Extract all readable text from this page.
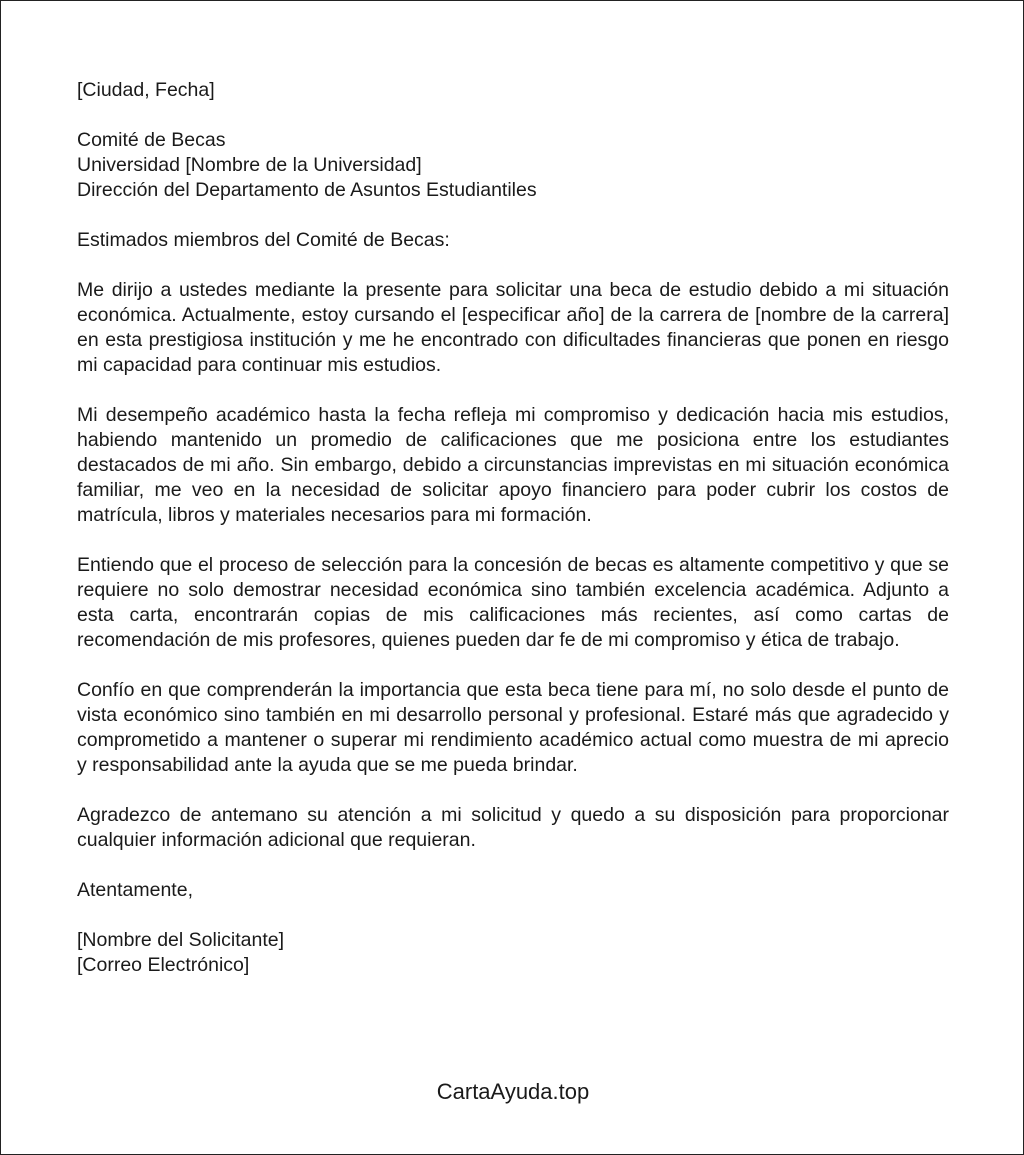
[Ciudad, Fecha]
Comité de Becas
Universidad [Nombre de la Universidad]
Dirección del Departamento de Asuntos Estudiantiles
Estimados miembros del Comité de Becas:

Me dirijo a ustedes mediante la presente para solicitar una beca de estudio debido a mi situación económica. Actualmente, estoy cursando el [especificar año] de la carrera de [nombre de la carrera] en esta prestigiosa institución y me he encontrado con dificultades financieras que ponen en riesgo mi capacidad para continuar mis estudios.

Mi desempeño académico hasta la fecha refleja mi compromiso y dedicación hacia mis estudios, habiendo mantenido un promedio de calificaciones que me posiciona entre los estudiantes destacados de mi año. Sin embargo, debido a circunstancias imprevistas en mi situación económica familiar, me veo en la necesidad de solicitar apoyo financiero para poder cubrir los costos de matrícula, libros y materiales necesarios para mi formación.

Entiendo que el proceso de selección para la concesión de becas es altamente competitivo y que se requiere no solo demostrar necesidad económica sino también excelencia académica. Adjunto a esta carta, encontrarán copias de mis calificaciones más recientes, así como cartas de recomendación de mis profesores, quienes pueden dar fe de mi compromiso y ética de trabajo.

Confío en que comprenderán la importancia que esta beca tiene para mí, no solo desde el punto de vista económico sino también en mi desarrollo personal y profesional. Estaré más que agradecido y comprometido a mantener o superar mi rendimiento académico actual como muestra de mi aprecio y responsabilidad ante la ayuda que se me pueda brindar.

Agradezco de antemano su atención a mi solicitud y quedo a su disposición para proporcionar cualquier información adicional que requieran.

Atentamente,
[Nombre del Solicitante]
[Correo Electrónico]
CartaAyuda.top
